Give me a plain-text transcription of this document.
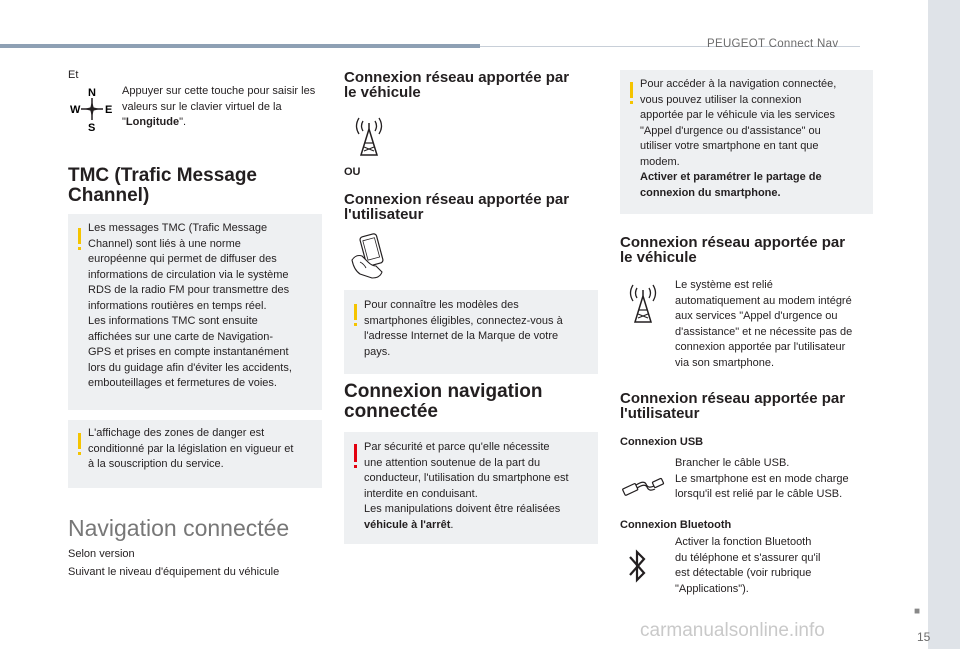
PEUGEOT Connect Nav
■
15
Et
N
S
W E
Appuyer sur cette touche pour saisir les valeurs sur le clavier virtuel de la "Longitude".
TMC (Trafic Message
Channel)
Les messages TMC (Trafic Message
Channel) sont liés à une norme
européenne qui permet de diffuser des
informations de circulation via le système
RDS de la radio FM pour transmettre des
informations routières en temps réel.
Les informations TMC sont ensuite
affichées sur une carte de Navigation-
GPS et prises en compte instantanément
lors du guidage afin d'éviter les accidents,
embouteillages et fermetures de voies.
L'affichage des zones de danger est
conditionné par la législation en vigueur et
à la souscription du service.
Navigation connectée
Selon version
Suivant le niveau d'équipement du véhicule
Connexion réseau apportée par
le véhicule
OU
Connexion réseau apportée par
l'utilisateur
Pour connaître les modèles des
smartphones éligibles, connectez-vous à
l'adresse Internet de la Marque de votre
pays.
Connexion navigation
connectée
Par sécurité et parce qu'elle nécessite
une attention soutenue de la part du
conducteur, l'utilisation du smartphone est
interdite en conduisant.
Les manipulations doivent être réalisées
véhicule à l'arrêt.
Pour accéder à la navigation connectée,
vous pouvez utiliser la connexion
apportée par le véhicule via les services
"Appel d'urgence ou d'assistance" ou
utiliser votre smartphone en tant que
modem.
Activer et paramétrer le partage de
connexion du smartphone.
Connexion réseau apportée par
le véhicule
Le système est relié
automatiquement au modem intégré
aux services "Appel d'urgence ou
d'assistance" et ne nécessite pas de
connexion apportée par l'utilisateur
via son smartphone.
Connexion réseau apportée par
l'utilisateur
Connexion USB
Brancher le câble USB.
Le smartphone est en mode charge
lorsqu'il est relié par le câble USB.
Connexion Bluetooth
Activer la fonction Bluetooth
du téléphone et s'assurer qu'il
est détectable (voir rubrique
"Applications").
carmanualsonline.info
